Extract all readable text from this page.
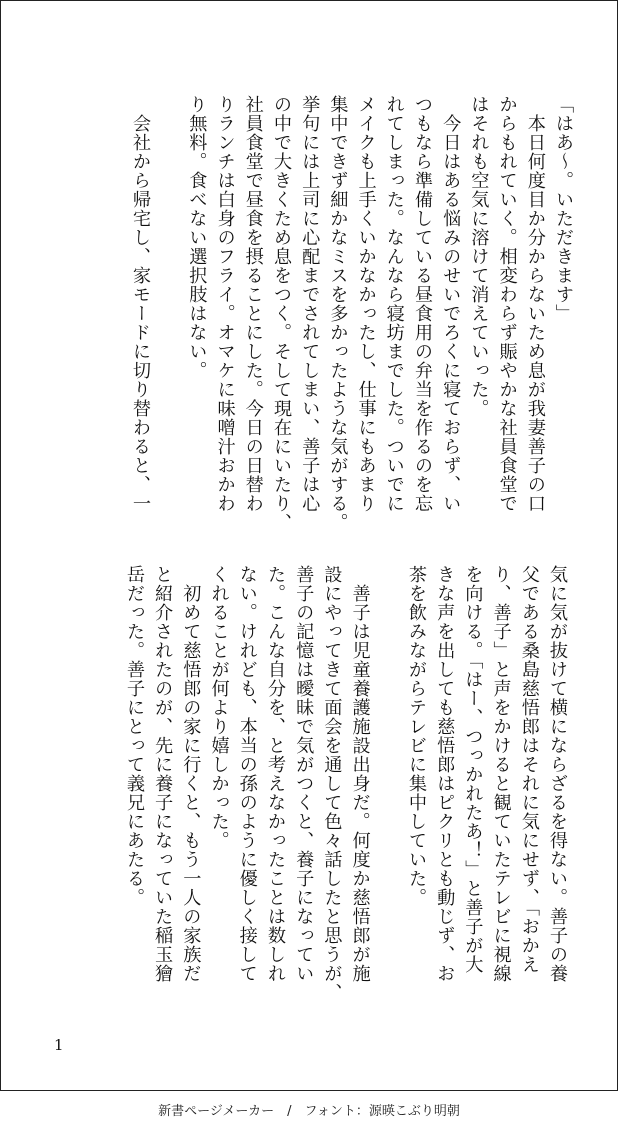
「はあ〜。いただきます」
　本日何度目か分からないため息が我妻善子の口
からもれていく。相変わらず賑やかな社員食堂で
はそれも空気に溶けて消えていった。
　今日はある悩みのせいでろくに寝ておらず、い
つもなら準備している昼食用の弁当を作るのを忘
れてしまった。なんなら寝坊までした。ついでに
メイクも上手くいかなかったし、仕事にもあまり
集中できず細かなミスを多かったような気がする。
挙句には上司に心配までされてしまい、善子は心
の中で大きくため息をつく。そして現在にいたり、
社員食堂で昼食を摂ることにした。今日の日替わ
りランチは白身のフライ。オマケに味噌汁おかわ
り無料。食べない選択肢はない。
　会社から帰宅し、家モードに切り替わると、一
気に気が抜けて横にならざるを得ない。善子の養
父である桑島慈悟郎はそれに気にせず、「おかえ
り、善子」と声をかけると観ていたテレビに視線
を向ける。「はー、つっかれたあ！」と善子が大
きな声を出しても慈悟郎はピクリとも動じず、お
茶を飲みながらテレビに集中していた。
　善子は児童養護施設出身だ。何度か慈悟郎が施
設にやってきて面会を通して色々話したと思うが、
善子の記憶は曖昧で気がつくと、養子になってい
た。こんな自分を、と考えなかったことは数しれ
ない。けれども、本当の孫のように優しく接して
くれることが何より嬉しかった。
　初めて慈悟郎の家に行くと、もう一人の家族だ
と紹介されたのが、先に養子になっていた稲玉獪
岳だった。善子にとって義兄にあたる。
1
新書ページメーカー　/　フォント：源暎こぶり明朝
